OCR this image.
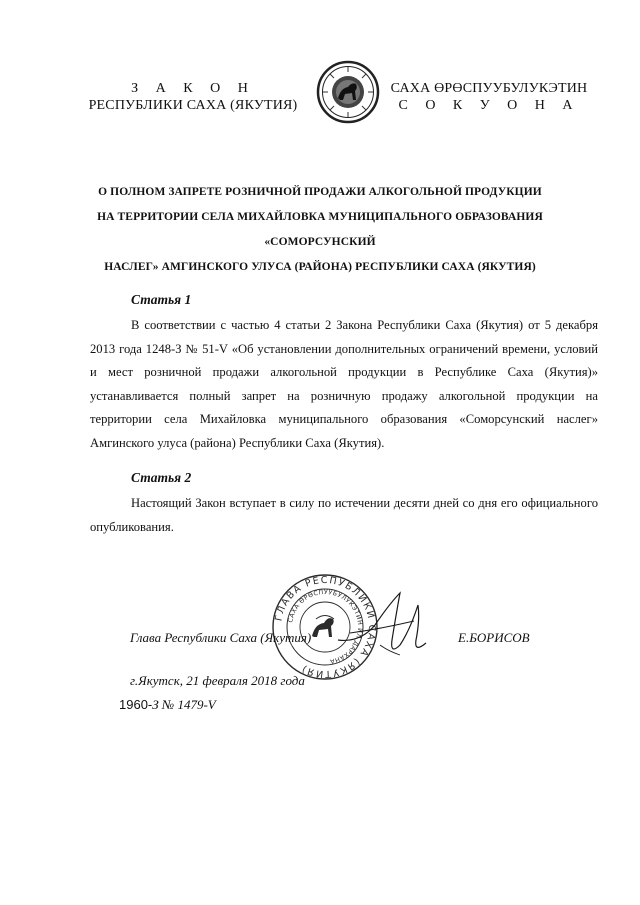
З А К О Н
РЕСПУБЛИКИ САХА (ЯКУТИЯ)
САХА ӨРӨСПУУБУЛУКЭТИН
С О К У О Н А
О ПОЛНОМ ЗАПРЕТЕ РОЗНИЧНОЙ ПРОДАЖИ АЛКОГОЛЬНОЙ ПРОДУКЦИИ
НА ТЕРРИТОРИИ СЕЛА МИХАЙЛОВКА МУНИЦИПАЛЬНОГО ОБРАЗОВАНИЯ «СОМОРСУНСКИЙ
НАСЛЕГ» АМГИНСКОГО УЛУСА (РАЙОНА) РЕСПУБЛИКИ САХА (ЯКУТИЯ)
Статья 1
В соответствии с частью 4 статьи 2 Закона Республики Саха (Якутия) от 5 декабря 2013 года 1248-З № 51-V «Об установлении дополнительных ограничений времени, условий и мест розничной продажи алкогольной продукции в Республике Саха (Якутия)» устанавливается полный запрет на розничную продажу алкогольной продукции на территории села Михайловка муниципального образования «Соморсунский наслег» Амгинского улуса (района) Республики Саха (Якутия).
Статья 2
Настоящий Закон вступает в силу по истечении десяти дней со дня его официального опубликования.
ГЛАВА РЕСПУБЛИКИ САХА (ЯКУТИЯ)
САХА ӨРӨСПУУБУЛУКЭТИН ИЛ ДАРХАНА
Глава Республики Саха (Якутия)	Е.БОРИСОВ
г.Якутск, 21 февраля 2018 года
1960-З № 1479-V
